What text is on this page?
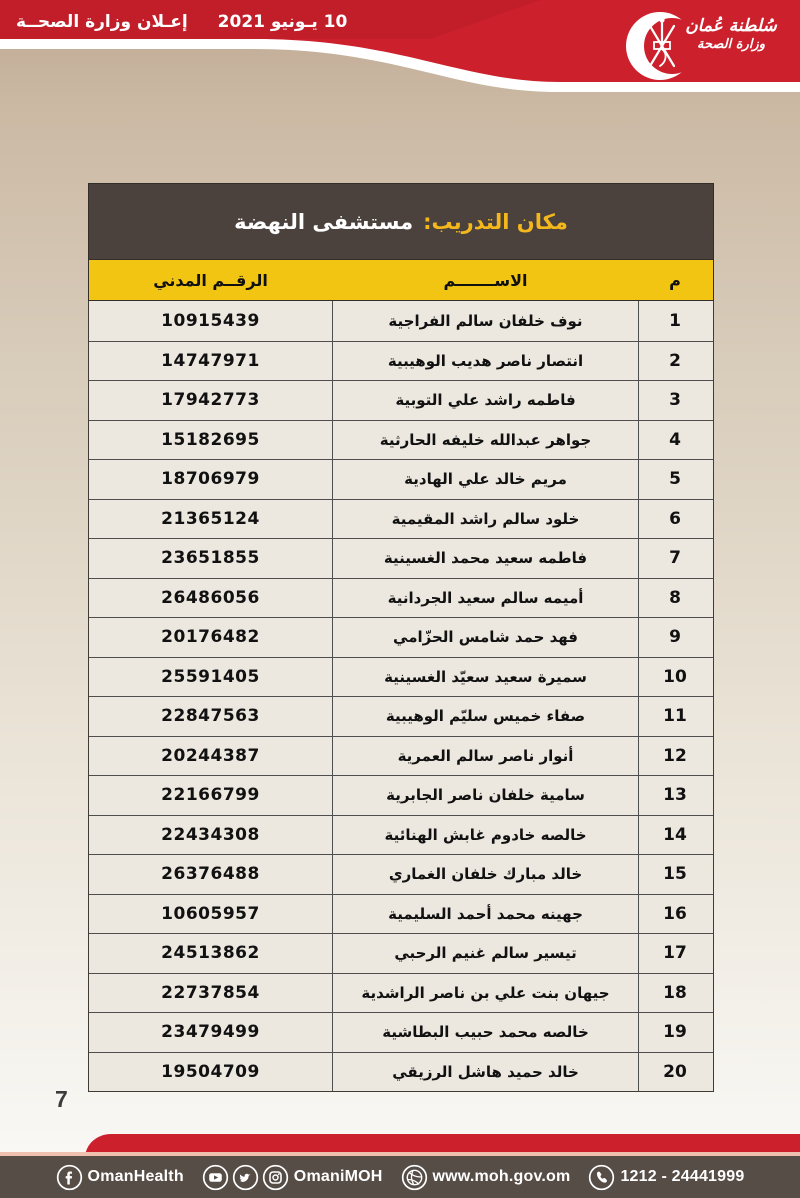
إعـلان وزارة الصحــة 10 يـونيو 2021	سُلطنة عُمان
وزارة الصحة
مكان التدريب:
مستشفى النهضة
الرقــم المدني	الاســـــــم	م
10915439	نوف خلفان سالم الفراجية	1
14747971	انتصار ناصر هديب الوهيبية	2
17942773	فاطمه راشد علي التوبية	3
15182695	جواهر عبدالله خليفه الحارثية	4
18706979	مريم خالد علي الهادية	5
21365124	خلود سالم راشد المقيمية	6
23651855	فاطمه سعيد محمد الغسينية	7
26486056	أميمه سالم سعيد الجردانية	8
20176482	فهد حمد شامس الحزّامي	9
25591405	سميرة سعيد سعيّد الغسينية	10
22847563	صفاء خميس سليّم الوهيبية	11
20244387	أنوار ناصر سالم العمرية	12
22166799	سامية خلفان ناصر الجابرية	13
22434308	خالصه خادوم غابش الهنائية	14
26376488	خالد مبارك خلفان الغماري	15
10605957	جهينه محمد أحمد السليمية	16
24513862	تيسير سالم غنيم الرحبي	17
22737854	جيهان بنت علي بن ناصر الراشدية	18
23479499	خالصه محمد حبيب البطاشية	19
19504709	خالد حميد هاشل الرزيقي	20
7
OmanHealth	OmaniMOH	www.moh.gov.om	1212 - 24441999
